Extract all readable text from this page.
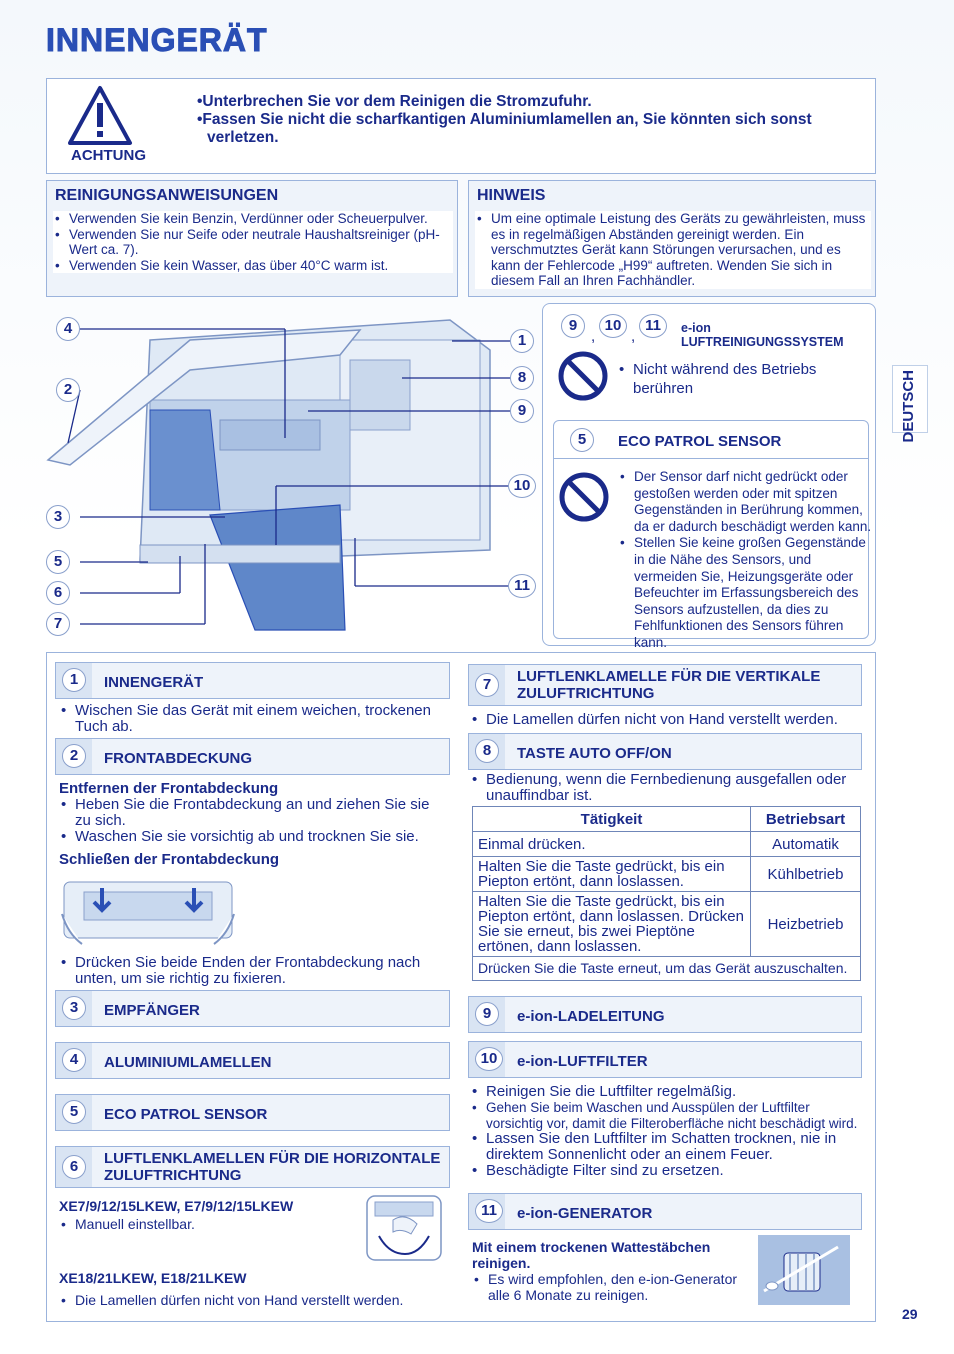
INNENGERÄT
ACHTUNG
•Unterbrechen Sie vor dem Reinigen die Stromzufuhr.
•Fassen Sie nicht die scharfkantigen Aluminiumlamellen an, Sie könnten sich sonst verletzen.
REINIGUNGSANWEISUNGEN
• Verwenden Sie kein Benzin, Verdünner oder Scheuerpulver.
• Verwenden Sie nur Seife oder neutrale Haushaltsreiniger (pH-Wert ca. 7).
• Verwenden Sie kein Wasser, das über 40°C warm ist.
HINWEIS
• Um eine optimale Leistung des Geräts zu gewährleisten, muss es in regelmäßigen Abständen gereinigt werden. Ein verschmutztes Gerät kann Störungen verursachen, und es kann der Fehlercode „H99“ auftreten. Wenden Sie sich in diesem Fall an Ihren Fachhändler.
4
2
3
5
6
7
1
8
9
10
11
DEUTSCH
9
,
10
,
11	e-ion LUFTREINIGUNGSSYSTEM
• Nicht während des Betriebs berühren
5	ECO PATROL SENSOR
• Der Sensor darf nicht gedrückt oder gestoßen werden oder mit spitzen Gegenständen in Berührung kommen, da er dadurch beschädigt werden kann.
• Stellen Sie keine großen Gegenstände in die Nähe des Sensors, und vermeiden Sie, Heizungsgeräte oder Befeuchter im Erfassungsbereich des Sensors aufzustellen, da dies zu Fehlfunktionen des Sensors führen kann.
1	INNENGERÄT
• Wischen Sie das Gerät mit einem weichen, trockenen Tuch ab.
2	FRONTABDECKUNG
Entfernen der Frontabdeckung
• Heben Sie die Frontabdeckung an und ziehen Sie sie zu sich.
• Waschen Sie sie vorsichtig ab und trocknen Sie sie.
Schließen der Frontabdeckung
• Drücken Sie beide Enden der Frontabdeckung nach unten, um sie richtig zu fixieren.
3	EMPFÄNGER
4	ALUMINIUMLAMELLEN
5	ECO PATROL SENSOR
6	LUFTLENKLAMELLEN FÜR DIE HORIZONTALE ZULUFTRICHTUNG
XE7/9/12/15LKEW, E7/9/12/15LKEW
• Manuell einstellbar.
XE18/21LKEW, E18/21LKEW
• Die Lamellen dürfen nicht von Hand verstellt werden.
7	LUFTLENKLAMELLE FÜR DIE VERTIKALE ZULUFTRICHTUNG
• Die Lamellen dürfen nicht von Hand verstellt werden.
8	TASTE AUTO OFF/ON
• Bedienung, wenn die Fernbedienung ausgefallen oder unauffindbar ist.
Tätigkeit	Betriebsart
Einmal drücken.	Automatik
Halten Sie die Taste gedrückt, bis ein Piepton ertönt, dann loslassen.	Kühlbetrieb
Halten Sie die Taste gedrückt, bis ein Piepton ertönt, dann loslassen. Drücken Sie sie erneut, bis zwei Pieptöne ertönen, dann loslassen.	Heizbetrieb
Drücken Sie die Taste erneut, um das Gerät auszuschalten.	
9	e-ion-LADELEITUNG
10	e-ion-LUFTFILTER
• Reinigen Sie die Luftfilter regelmäßig.
• Gehen Sie beim Waschen und Ausspülen der Luftfilter vorsichtig vor, damit die Filteroberfläche nicht beschädigt wird.
• Lassen Sie den Luftfilter im Schatten trocknen, nie in direktem Sonnenlicht oder an einem Feuer.
• Beschädigte Filter sind zu ersetzen.
11	e-ion-GENERATOR
Mit einem trockenen Wattestäbchen reinigen.
• Es wird empfohlen, den e-ion-Generator alle 6 Monate zu reinigen.
29
